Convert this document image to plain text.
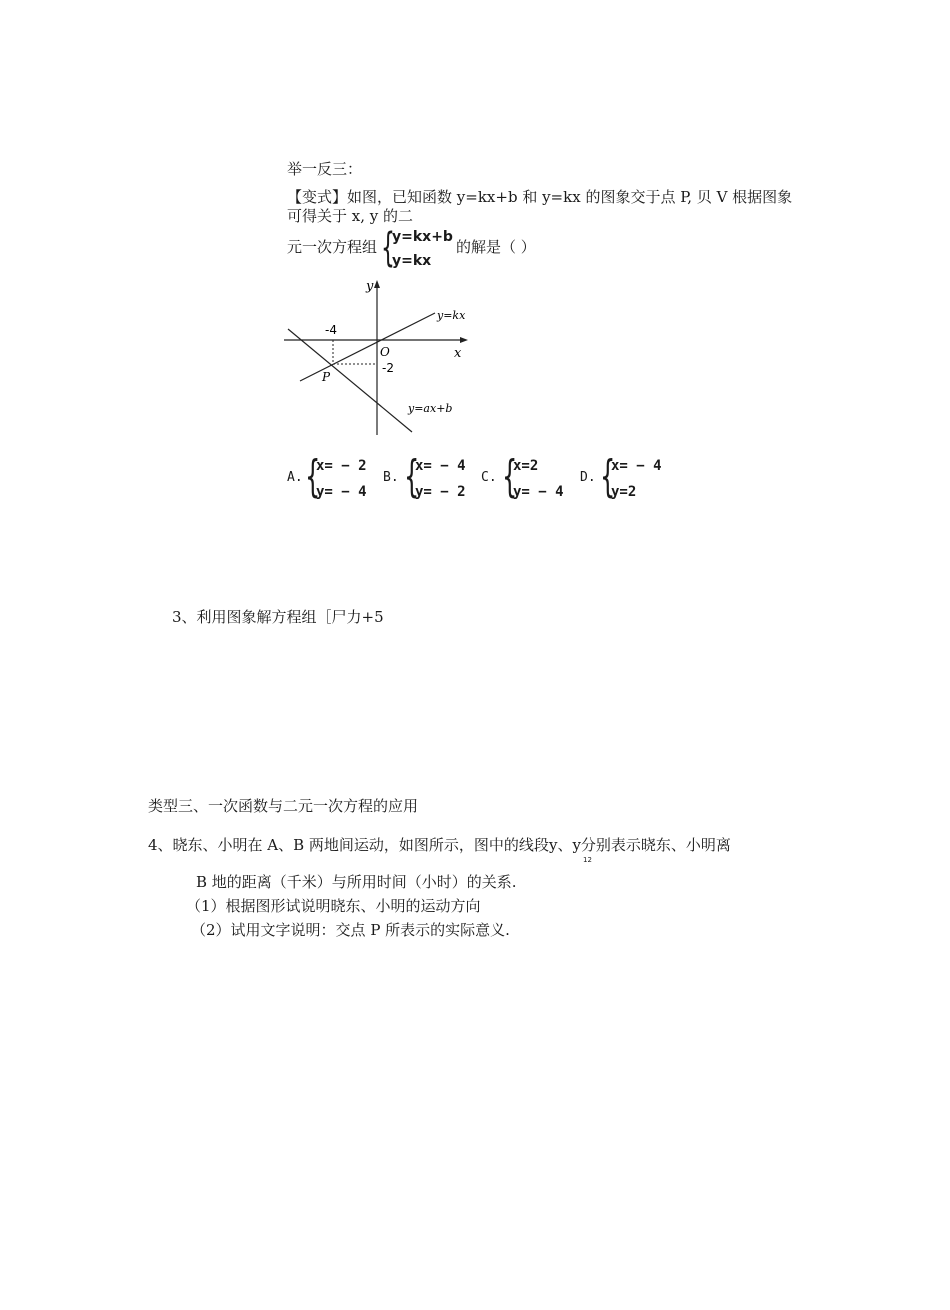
举一反三：
【变式】如图，已知函数 y=kx+b 和 y=kx 的图象交于点 P, 贝 V 根据图象
可得关于 x, y 的二
元一次方程组 {
y=kx+b
y=kx
的解是（ ）
y
x
O
-4
-2
P
y=kx
y=ax+b
A. {
x= − 2
y= − 4
B. {
x= − 4
y= − 2
C. {
x=2
y= − 4
D. {
x= − 4
y=2
3、利用图象解方程组［尸力+5
类型三、一次函数与二元一次方程的应用
4、晓东、小明在 A、B 两地间运动，如图所示，图中的线段y、y分别表示晓东、小明离
12
B 地的距离（千米）与所用时间（小时）的关系.
（1）根据图形试说明晓东、小明的运动方向
（2）试用文字说明：交点 P 所表示的实际意义.
